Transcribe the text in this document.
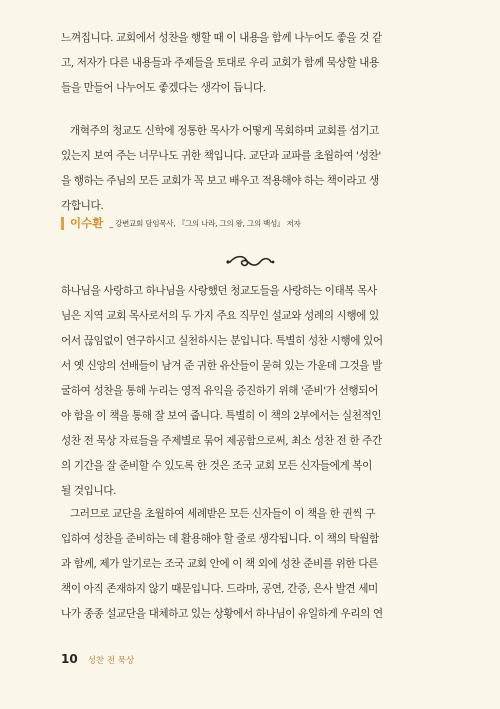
느껴집니다. 교회에서 성찬을 행할 때 이 내용을 함께 나누어도 좋을 것 같
고, 저자가 다른 내용들과 주제들을 토대로 우리 교회가 함께 묵상할 내용
들을 만들어 나누어도 좋겠다는 생각이 듭니다.
개혁주의 청교도 신학에 정통한 목사가 어떻게 목회하며 교회를 섬기고
있는지 보여 주는 너무나도 귀한 책입니다. 교단과 교파를 초월하여 '성찬'
을 행하는 주님의 모든 교회가 꼭 보고 배우고 적용해야 하는 책이라고 생
각합니다.
이수환 _ 강변교회 담임목사, 『그의 나라, 그의 왕, 그의 백성』 저자
하나님을 사랑하고 하나님을 사랑했던 청교도들을 사랑하는 이태복 목사
님은 지역 교회 목사로서의 두 가지 주요 직무인 설교와 성례의 시행에 있
어서 끊임없이 연구하시고 실천하시는 분입니다. 특별히 성찬 시행에 있어
서 옛 신앙의 선배들이 남겨 준 귀한 유산들이 묻혀 있는 가운데 그것을 발
굴하여 성찬을 통해 누리는 영적 유익을 증진하기 위해 '준비'가 선행되어
야 함을 이 책을 통해 잘 보여 줍니다. 특별히 이 책의 2부에서는 실천적인
성찬 전 묵상 자료들을 주제별로 묶어 제공함으로써, 최소 성찬 전 한 주간
의 기간을 잘 준비할 수 있도록 한 것은 조국 교회 모든 신자들에게 복이
될 것입니다.
그러므로 교단을 초월하여 세례받은 모든 신자들이 이 책을 한 권씩 구
입하여 성찬을 준비하는 데 활용해야 할 줄로 생각됩니다. 이 책의 탁월함
과 함께, 제가 알기로는 조국 교회 안에 이 책 외에 성찬 준비를 위한 다른
책이 아직 존재하지 않기 때문입니다. 드라마, 공연, 간증, 은사 발견 세미
나가 종종 설교단을 대체하고 있는 상황에서 하나님이 유일하게 우리의 연
10 성찬 전 묵상
